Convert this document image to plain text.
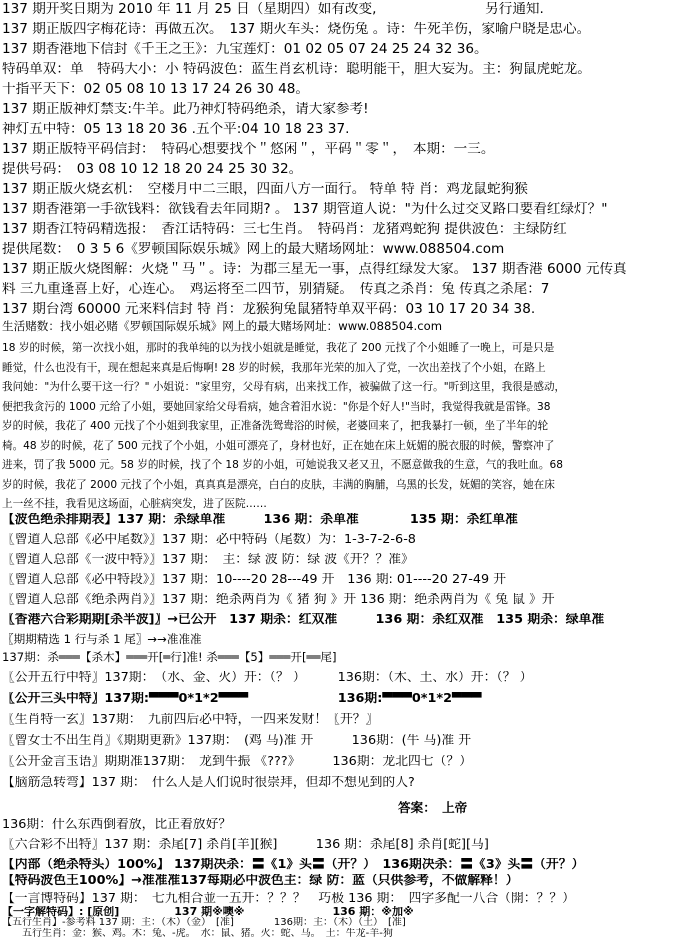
137 期开奖日期为 2010 年 11 月 25 日（星期四）如有改变,　　　　　　　　另行通知.
137 期正版四字梅花诗：再做五次。　137 期火车头：烧伤兔 。诗：牛死羊伤，家喻户晓是忠心。
137 期香港地下信封《千王之王》：九宝莲灯：01 02 05 07 24 25 24 32 36。
特码单双：单　特码大小：小 特码波色：蓝生肖玄机诗：聪明能干，胆大妄为。主：狗鼠虎蛇龙。
十指平天下：02 05 08 10 13 17 24 26 30 48。
137 期正版神灯禁支:牛羊。此乃神灯特码绝杀，请大家参考!
神灯五中特：05 13 18 20 36 .五个平:04 10 18 23 37.
137 期正版特平码信封：　特码心想要找个＂悠闲＂，平码＂零＂，　本期：一三。
提供号码：　03 08 10 12 18 20 24 25 30 32。
137 期正版火烧玄机：　空楼月中二三眼，四面八方一面行。 特单 特 肖：鸡龙鼠蛇狗猴
137 期香港第一手欲钱料：欲钱看去年同期? 。 137 期管道人说："为什么过交叉路口要看红绿灯？"
137 期香江特码精选报：　香江话特码：三七生肖。　特码肖：龙猪鸡蛇狗 提供波色：主绿防红
提供尾数：　0 3 5 6《罗顿国际娱乐城》网上的最大赌场网址：www.088504.com
137 期正版火烧图解：火烧＂马＂。诗：为郡三星无一事，点得红绿发大家。 137 期香港 6000 元传真
料 三九重逢喜上好，心连心。　鸡运将至二四节，别猜疑。　传真之杀肖：兔 传真之杀尾：7
137 期台湾 60000 元来料信封 特 肖：龙猴狗兔鼠猪特单双平码：03 10 17 20 34 38.
生活赌数：找小姐必赌《罗顿国际娱乐城》网上的最大赌场网址：www.088504.com
18 岁的时候，第一次找小姐，那时的我单纯的以为找小姐就是睡觉，我花了 200 元找了个小姐睡了一晚上，可是只是
睡觉，什么也没有干，现在想起来真是后悔啊! 28 岁的时候，我那年光荣的加入了党，一次出差找了个小姐，在路上
我问她："为什么要干这一行？" 小姐说："家里穷，父母有病，出来找工作，被骗做了这一行。"听到这里，我很是感动，
便把我贪污的 1000 元给了小姐，要她回家给父母看病，她含着泪水说："你是个好人!"当时，我觉得我就是雷锋。38
岁的时候，我花了 400 元找了个小姐到我家里，正准备洗鸳鸯浴的时候，老婆回来了，把我暴打一顿，坐了半年的轮
椅。48 岁的时候，花了 500 元找了个小姐，小姐可漂亮了，身材也好，正在她在床上妩媚的脱衣服的时候，警察冲了
进来，罚了我 5000 元。58 岁的时候，找了个 18 岁的小姐，可她说我又老又丑，不愿意做我的生意，气的我吐血。68
岁的时候，我花了 2000 元找了个小姐，真真真是漂亮，白白的皮肤，丰满的胸脯，乌黑的长发，妩媚的笑容，她在床
上一丝不挂，我看见这场面，心脏病突发，进了医院……
【波色绝杀排期表】137 期：杀绿单准　　　136 期：杀单准　　　　135 期：杀红单准
〖曾道人总部《必中尾数》〗137 期：必中特码（尾数）为：1-3-7-2-6-8
〖曾道人总部《一波中特》〗137 期：　主：绿 波 防：绿 波《开？？准》
〖曾道人总部《必中特段》〗137 期：10----20 28---49 开　136 期: 01----20 27-49 开
〖曾道人总部《绝杀两肖》〗137 期：绝杀两肖为《 猪 狗 》开 136 期：绝杀两肖为《 兔 鼠 》开
〖香港六合彩期期[杀半波]〗→已公开　137 期杀：红双准　　　136 期：杀红双准　135 期杀：绿单准
〖期期精选 1 行与杀 1 尾〗→→准准准
137期：杀═══【杀木】═══开[═行]准! 杀═══【5】═══开[══尾]
〖公开五行中特〗137期：　（水、金、火）开：（？ ）　　　136期：（木、土、水）开：（？ ）
〖公开三头中特〗137期:▀▀▀0*1*2▀▀▀　　　　　　　136期:▀▀▀0*1*2▀▀▀
〖生肖特一玄〗137期：　九前四后必中特，一四来发财！〖开？〗
〖曾女士不出生肖〗《期期更新》137期：　(鸡 马)准 开　　　136期：(牛 马)准 开
〖公开金言玉语〗期期准137期：　龙到牛振 《???》　　　136期：龙北四七（？）
【脑筋急转弯】137 期：　什么人是人们说时很崇拜，但却不想见到的人?
答案：　上帝
136期：什么东西倒着放，比正着放好？
〖六合彩不出特〗137 期：杀尾[7] 杀肖[羊][猴]　　　136 期：杀尾[8] 杀肖[蛇][马]
【内部（绝杀特头）100%】 137期决杀：〓《1》头〓（开？）　136期决杀：〓《3》头〓（开？）
【特码波色王100%】→准准准137每期必中波色主：绿 防：蓝（只供参考，不做解释！）
【一言博特码】137 期：　七九相合並一五开：？？？　巧极 136 期：　四字多配一八合（開：？？）
【一字解特码】: [原创]　　　　　137 期※噢※　　　　　　　　136 期：※加※
【五行生肖】-参考料 137 期：主：（木）（金）　[准]　　　　136期：主：（木）（土）　[准]
　　五行生肖：金：猴、鸡。木：兔、-虎。　水：鼠、猪。火：蛇、马。　土：牛龙-羊-狗
